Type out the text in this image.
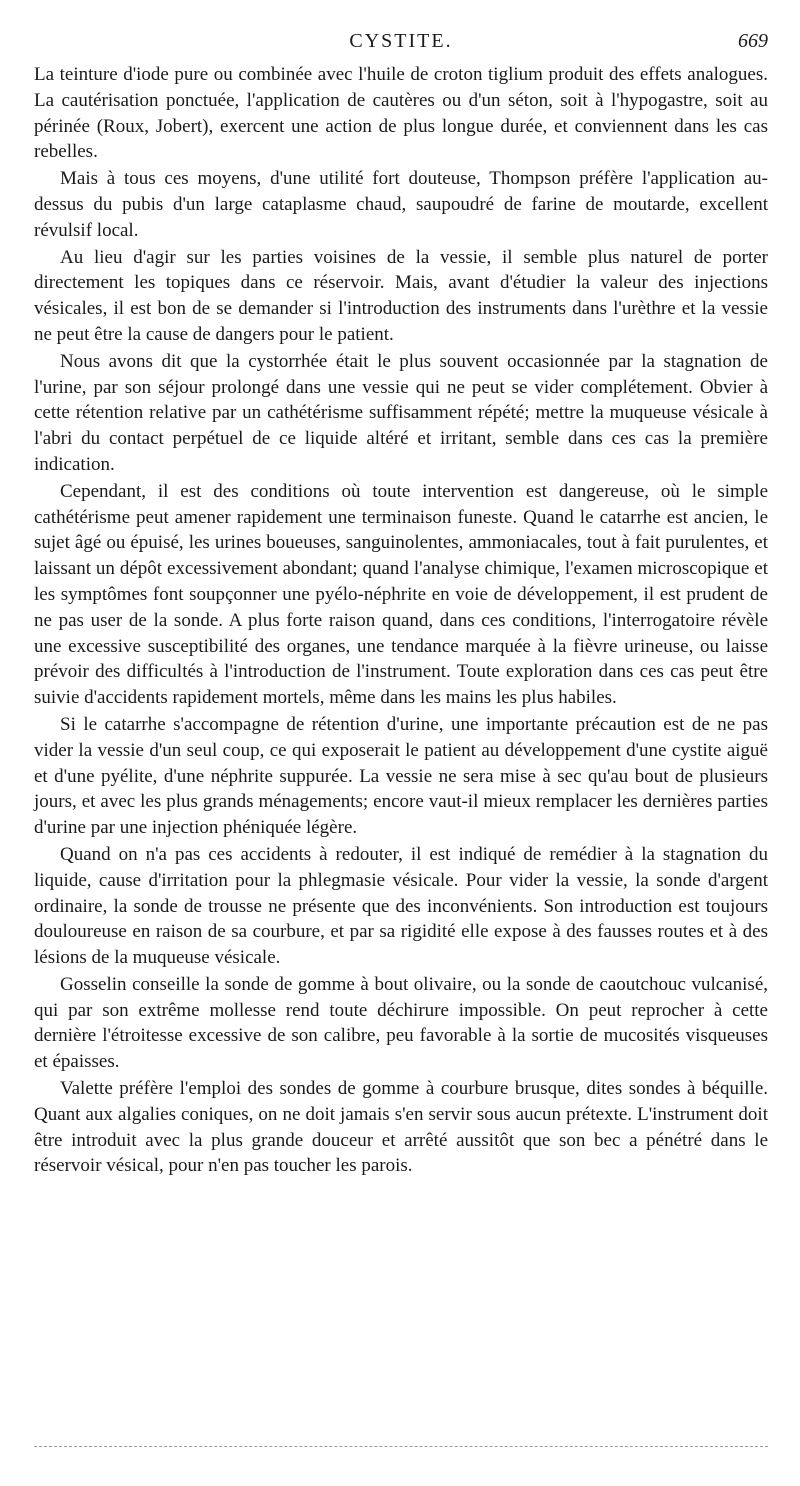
CYSTITE.	669

La teinture d'iode pure ou combinée avec l'huile de croton tiglium produit des effets analogues. La cautérisation ponctuée, l'application de cautères ou d'un séton, soit à l'hypogastre, soit au périnée (Roux, Jobert), exercent une action de plus longue durée, et conviennent dans les cas rebelles.

Mais à tous ces moyens, d'une utilité fort douteuse, Thompson préfère l'application au-dessus du pubis d'un large cataplasme chaud, saupoudré de farine de moutarde, excellent révulsif local.

Au lieu d'agir sur les parties voisines de la vessie, il semble plus naturel de porter directement les topiques dans ce réservoir. Mais, avant d'étudier la valeur des injections vésicales, il est bon de se demander si l'introduction des instruments dans l'urèthre et la vessie ne peut être la cause de dangers pour le patient.

Nous avons dit que la cystorrhée était le plus souvent occasionnée par la stagnation de l'urine, par son séjour prolongé dans une vessie qui ne peut se vider complétement. Obvier à cette rétention relative par un cathétérisme suffisamment répété; mettre la muqueuse vésicale à l'abri du contact perpétuel de ce liquide altéré et irritant, semble dans ces cas la première indication.

Cependant, il est des conditions où toute intervention est dangereuse, où le simple cathétérisme peut amener rapidement une terminaison funeste. Quand le catarrhe est ancien, le sujet âgé ou épuisé, les urines boueuses, sanguinolentes, ammoniacales, tout à fait purulentes, et laissant un dépôt excessivement abondant; quand l'analyse chimique, l'examen microscopique et les symptômes font soupçonner une pyélo-néphrite en voie de développement, il est prudent de ne pas user de la sonde. A plus forte raison quand, dans ces conditions, l'interrogatoire révèle une excessive susceptibilité des organes, une tendance marquée à la fièvre urineuse, ou laisse prévoir des difficultés à l'introduction de l'instrument. Toute exploration dans ces cas peut être suivie d'accidents rapidement mortels, même dans les mains les plus habiles.

Si le catarrhe s'accompagne de rétention d'urine, une importante précaution est de ne pas vider la vessie d'un seul coup, ce qui exposerait le patient au développement d'une cystite aiguë et d'une pyélite, d'une néphrite suppurée. La vessie ne sera mise à sec qu'au bout de plusieurs jours, et avec les plus grands ménagements; encore vaut-il mieux remplacer les dernières parties d'urine par une injection phéniquée légère.

Quand on n'a pas ces accidents à redouter, il est indiqué de remédier à la stagnation du liquide, cause d'irritation pour la phlegmasie vésicale. Pour vider la vessie, la sonde d'argent ordinaire, la sonde de trousse ne présente que des inconvénients. Son introduction est toujours douloureuse en raison de sa courbure, et par sa rigidité elle expose à des fausses routes et à des lésions de la muqueuse vésicale.

Gosselin conseille la sonde de gomme à bout olivaire, ou la sonde de caoutchouc vulcanisé, qui par son extrême mollesse rend toute déchirure impossible. On peut reprocher à cette dernière l'étroitesse excessive de son calibre, peu favorable à la sortie de mucosités visqueuses et épaisses.

Valette préfère l'emploi des sondes de gomme à courbure brusque, dites sondes à béquille. Quant aux algalies coniques, on ne doit jamais s'en servir sous aucun prétexte. L'instrument doit être introduit avec la plus grande douceur et arrêté aussitôt que son bec a pénétré dans le réservoir vésical, pour n'en pas toucher les parois.
